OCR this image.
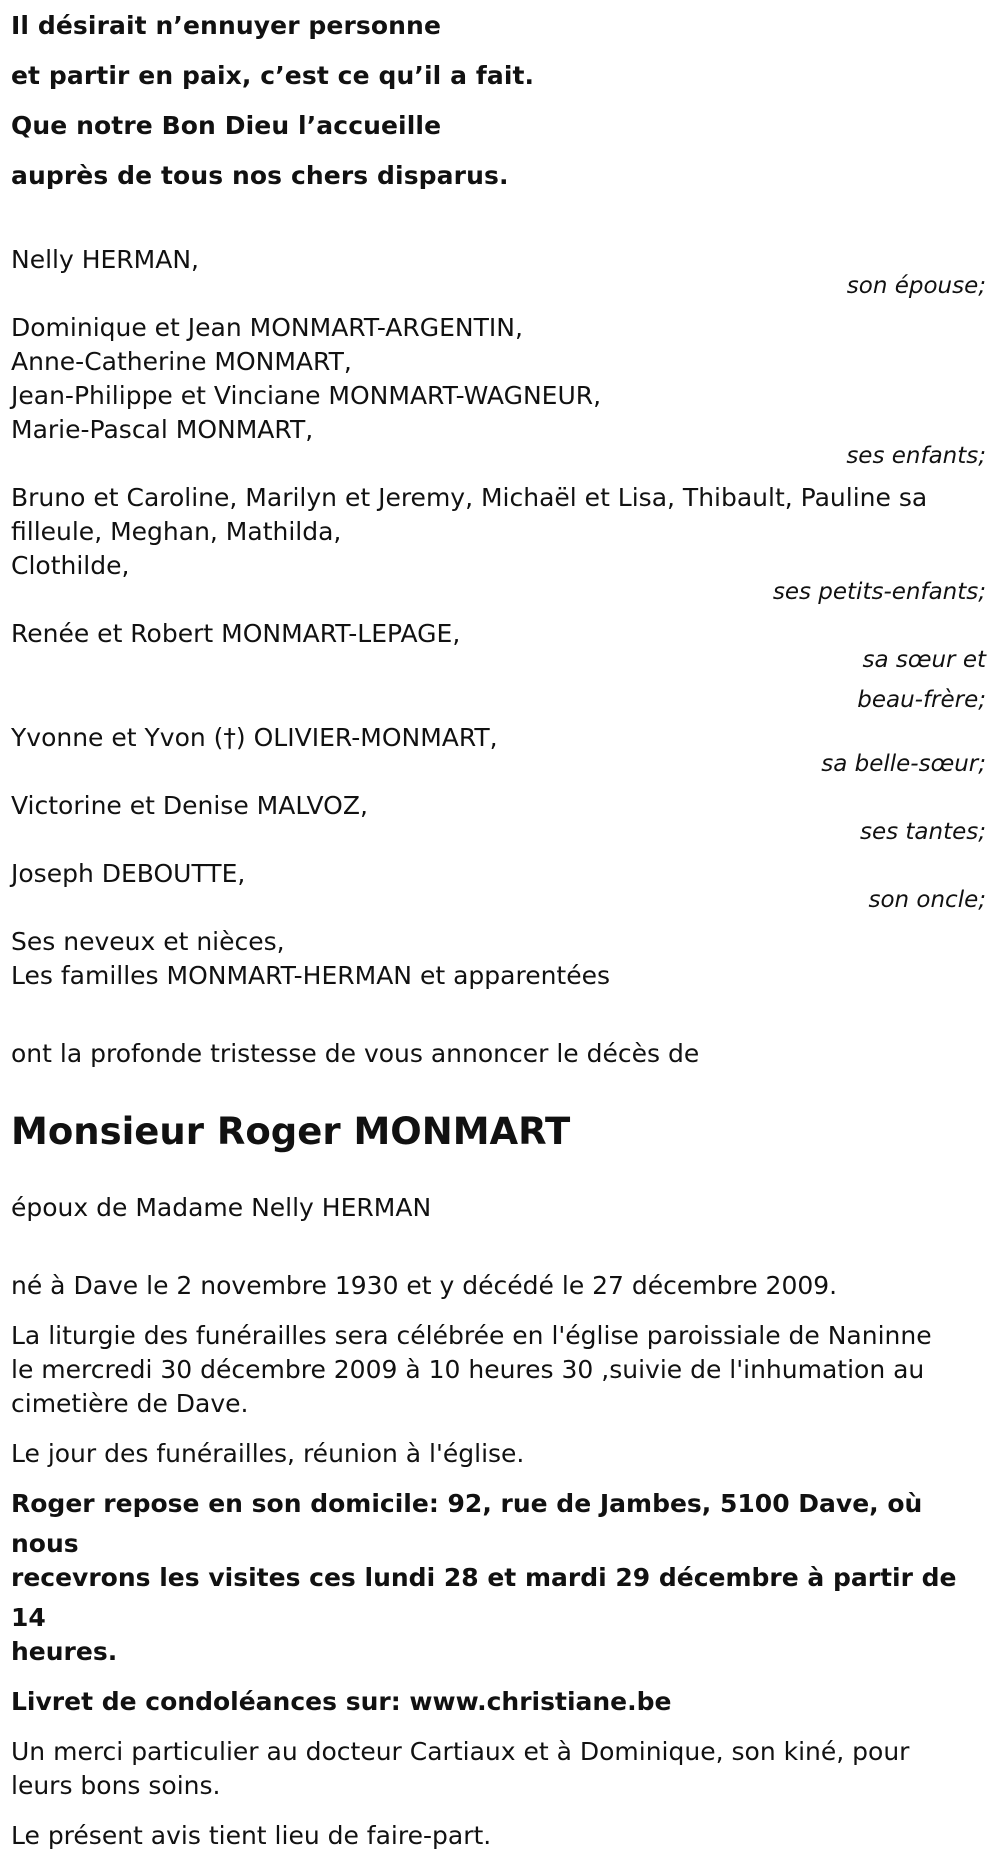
Il désirait n’ennuyer personne

et partir en paix, c’est ce qu’il a fait.

Que notre Bon Dieu l’accueille

auprès de tous nos chers disparus.

Nelly HERMAN,
son épouse;
Dominique et Jean MONMART-ARGENTIN,
Anne-Catherine MONMART,
Jean-Philippe et Vinciane MONMART-WAGNEUR,
Marie-Pascal MONMART,
ses enfants;
Bruno et Caroline, Marilyn et Jeremy, Michaël et Lisa, Thibault, Pauline sa
filleule, Meghan, Mathilda,
Clothilde,
ses petits-enfants;
Renée et Robert MONMART-LEPAGE,
sa sœur et
beau-frère;
Yvonne et Yvon (†) OLIVIER-MONMART,
sa belle-sœur;
Victorine et Denise MALVOZ,
ses tantes;
Joseph DEBOUTTE,
son oncle;
Ses neveux et nièces,
Les familles MONMART-HERMAN et apparentées
ont la profonde tristesse de vous annoncer le décès de
Monsieur Roger MONMART
époux de Madame Nelly HERMAN

né à Dave le 2 novembre 1930 et y décédé le 27 décembre 2009.

La liturgie des funérailles sera célébrée en l'église paroissiale de Naninne

le mercredi 30 décembre 2009 à 10 heures 30 ,suivie de l'inhumation au

cimetière de Dave.

Le jour des funérailles, réunion à l'église.

Roger repose en son domicile: 92, rue de Jambes, 5100 Dave, où nous

recevrons les visites ces lundi 28 et mardi 29 décembre à partir de 14

heures.

Livret de condoléances sur: www.christiane.be

Un merci particulier au docteur Cartiaux et à Dominique, son kiné, pour

leurs bons soins.

Le présent avis tient lieu de faire-part.
